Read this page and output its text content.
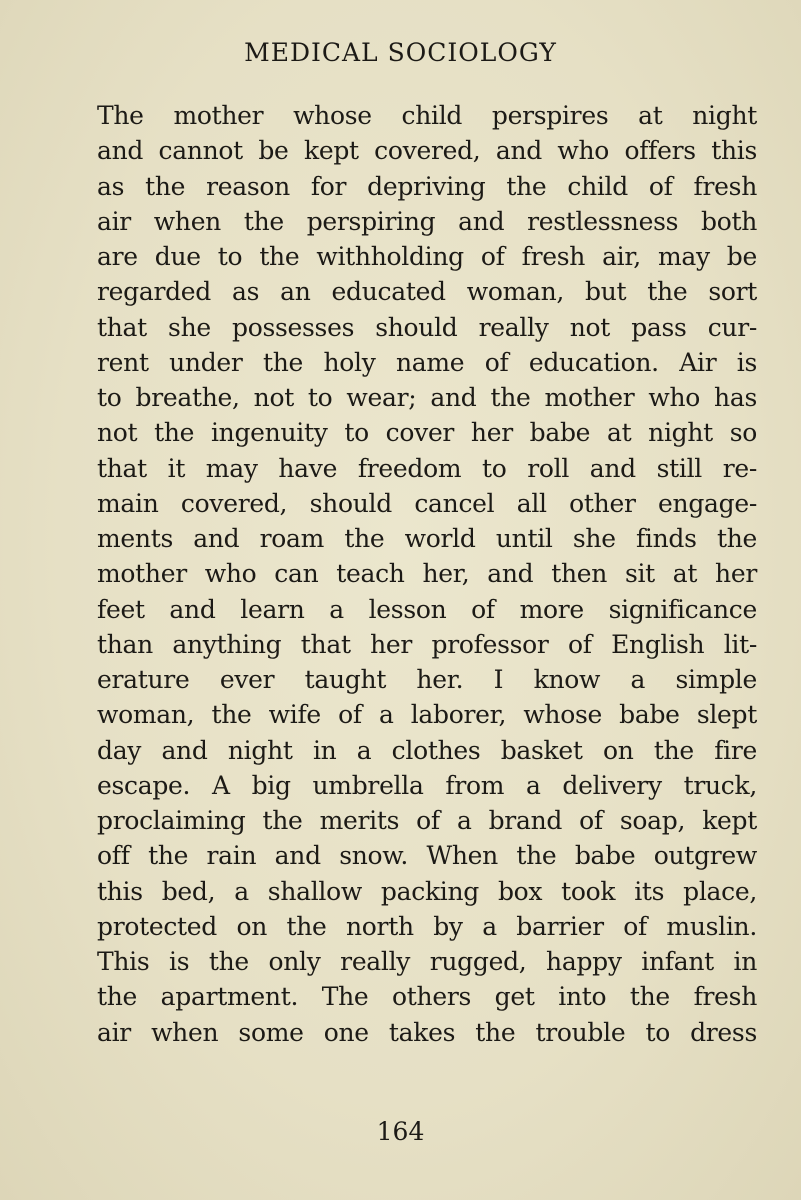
MEDICAL SOCIOLOGY
The mother whose child perspires at night
and cannot be kept covered, and who offers this
as the reason for depriving the child of fresh
air when the perspiring and restlessness both
are due to the withholding of fresh air, may be
regarded as an educated woman, but the sort
that she possesses should really not pass cur-
rent under the holy name of education. Air is
to breathe, not to wear; and the mother who has
not the ingenuity to cover her babe at night so
that it may have freedom to roll and still re-
main covered, should cancel all other engage-
ments and roam the world until she finds the
mother who can teach her, and then sit at her
feet and learn a lesson of more significance
than anything that her professor of English lit-
erature ever taught her. I know a simple
woman, the wife of a laborer, whose babe slept
day and night in a clothes basket on the fire
escape. A big umbrella from a delivery truck,
proclaiming the merits of a brand of soap, kept
off the rain and snow. When the babe outgrew
this bed, a shallow packing box took its place,
protected on the north by a barrier of muslin.
This is the only really rugged, happy infant in
the apartment. The others get into the fresh
air when some one takes the trouble to dress
164
